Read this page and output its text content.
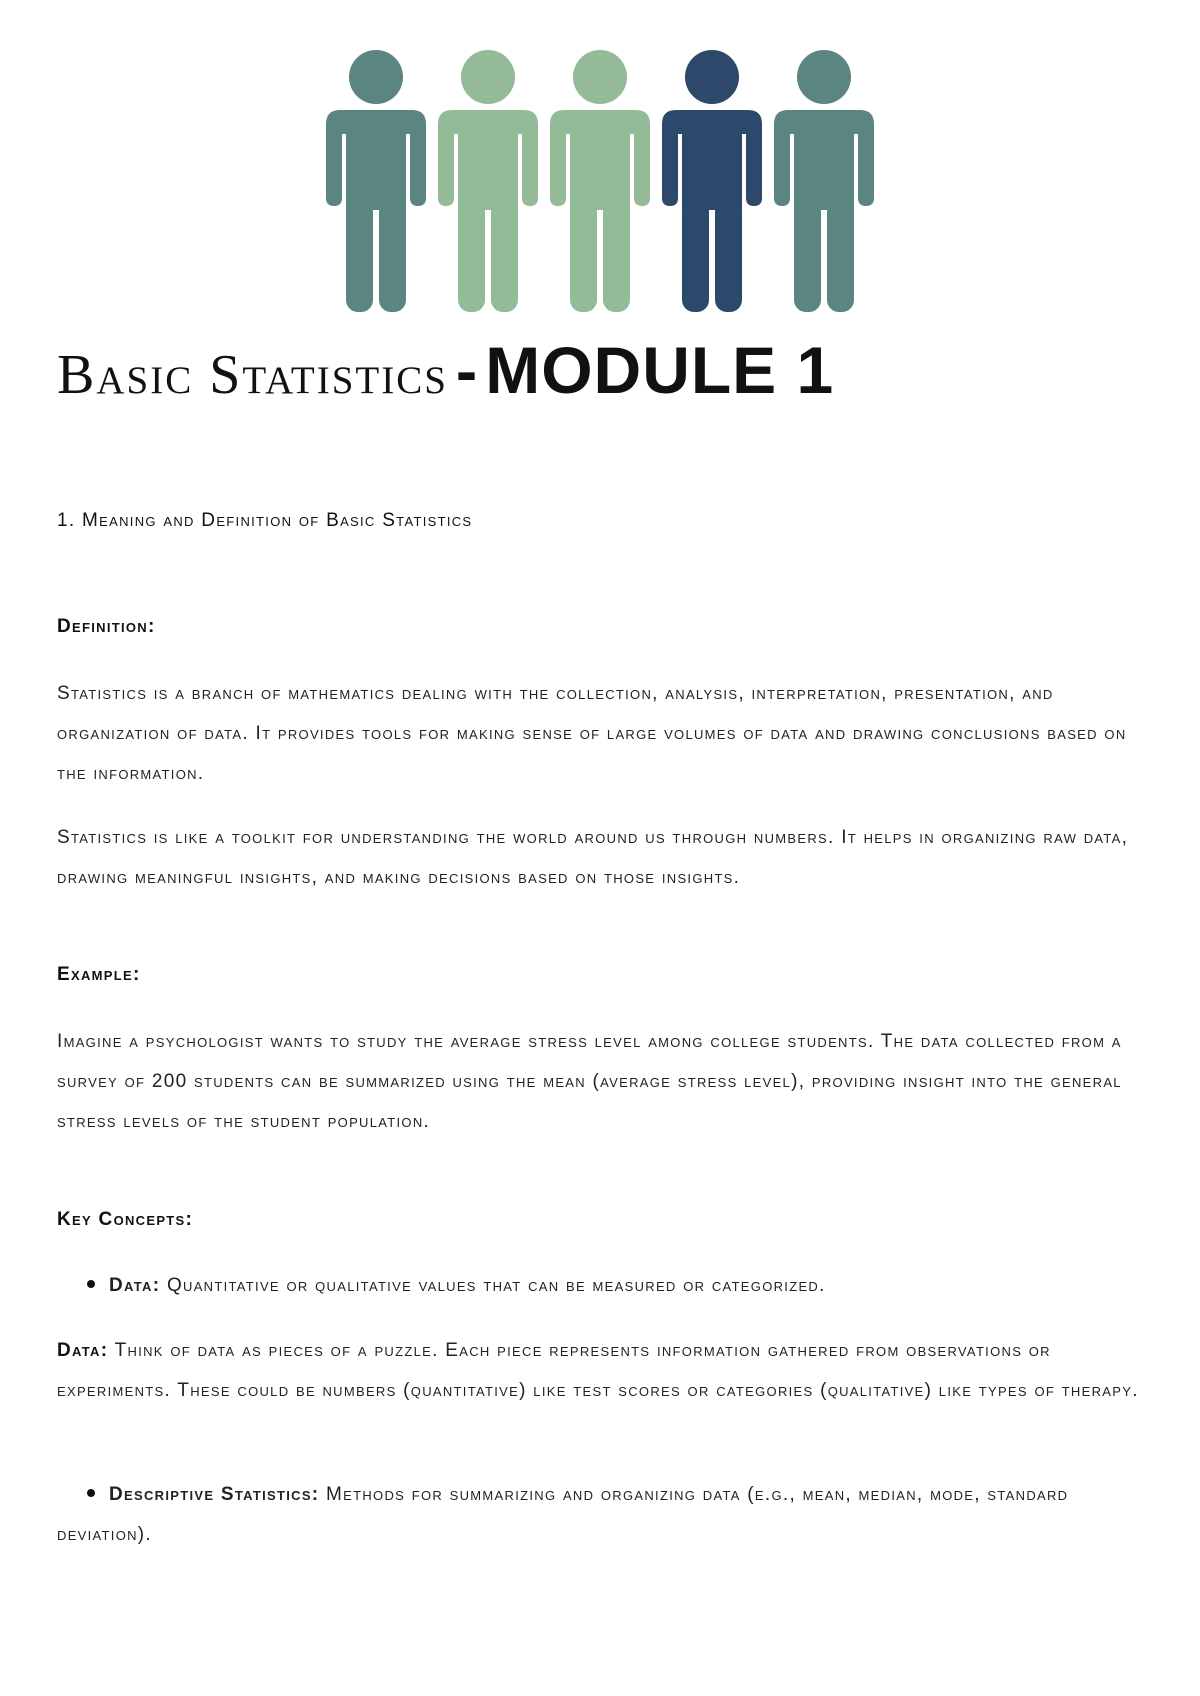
Basic Statistics - MODULE 1
1. Meaning and Definition of Basic Statistics
Definition:

Statistics is a branch of mathematics dealing with the collection, analysis, interpretation, presentation, and organization of data. It provides tools for making sense of large volumes of data and drawing conclusions based on the information.

Statistics is like a toolkit for understanding the world around us through numbers. It helps in organizing raw data, drawing meaningful insights, and making decisions based on those insights.

Example:

Imagine a psychologist wants to study the average stress level among college students. The data collected from a survey of 200 students can be summarized using the mean (average stress level), providing insight into the general stress levels of the student population.

Key Concepts:

Data: Quantitative or qualitative values that can be measured or categorized.

Data: Think of data as pieces of a puzzle. Each piece represents information gathered from observations or experiments. These could be numbers (quantitative) like test scores or categories (qualitative) like types of therapy.

Descriptive Statistics: Methods for summarizing and organizing data (e.g., mean, median, mode, standard deviation).
